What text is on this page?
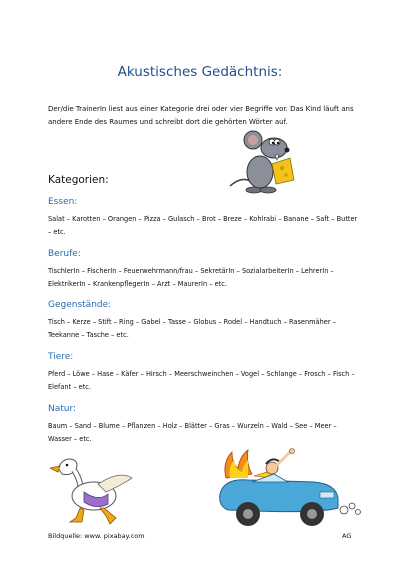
Akustisches Gedächtnis:
Der/die TrainerIn liest aus einer Kategorie drei oder vier Begriffe vor. Das Kind läuft ans andere Ende des Raumes und schreibt dort die gehörten Wörter auf.
Kategorien:
Essen:
Salat – Karotten – Orangen – Pizza – Gulasch – Brot – Breze – Kohlrabi – Banane – Saft – Butter – etc.
Berufe:
TischlerIn – FischerIn – Feuerwehrmann/frau – SekretärIn – SozialarbeiterIn – LehrerIn – ElektrikerIn – KrankenpflegerIn – Arzt – MaurerIn – etc.
Gegenstände:
Tisch – Kerze – Stift – Ring – Gabel – Tasse – Globus – Rodel – Handtuch – Rasenmäher – Teekanne – Tasche – etc.
Tiere:
Pferd – Löwe – Hase – Käfer – Hirsch – Meerschweinchen – Vogel – Schlange – Frosch – Fisch – Elefant – etc.
Natur:
Baum – Sand – Blume – Pflanzen – Holz – Blätter – Gras – Wurzeln – Wald – See – Meer – Wasser – etc.
Bildquelle: www. pixabay.com	AG
